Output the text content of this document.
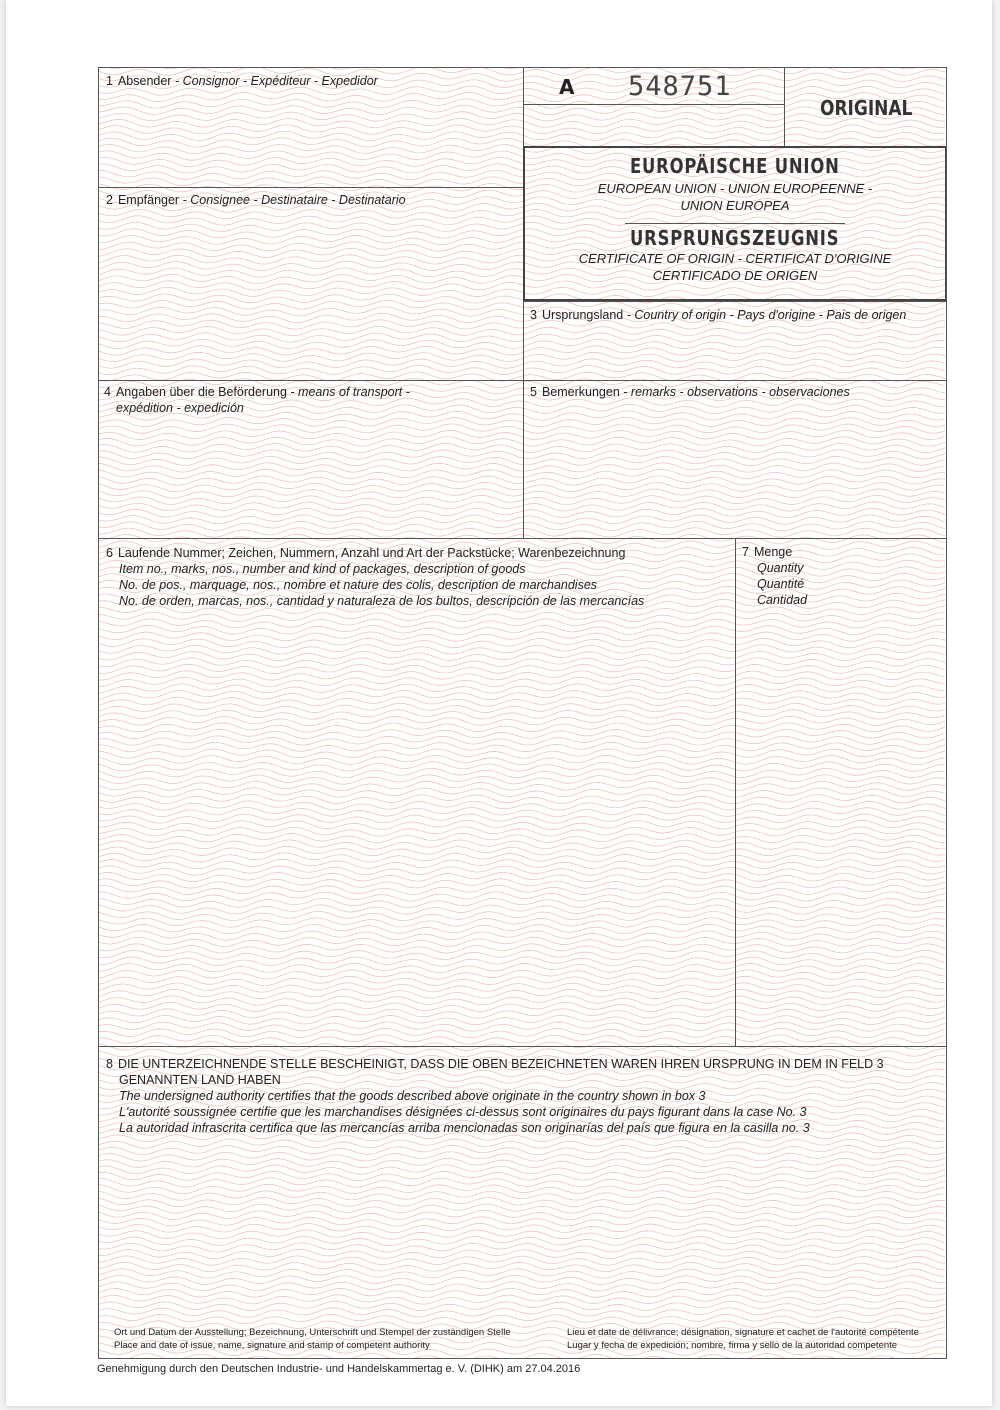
1 Absender - Consignor - Expéditeur - Expedidor	A 548751
ORIGINAL
EUROPÄISCHE UNION
EUROPEAN UNION - UNION EUROPEENNE -
UNION EUROPEA
URSPRUNGSZEUGNIS
CERTIFICATE OF ORIGIN - CERTIFICAT D'ORIGINE
CERTIFICADO DE ORIGEN
2 Empfänger - Consignee - Destinataire - Destinatario
3 Ursprungsland - Country of origin - Pays d'origine - Pais de origen
4 Angaben über die Beförderung - means of transport -
expédition - expedición
5 Bemerkungen - remarks - observations - observaciones
6 Laufende Nummer; Zeichen, Nummern, Anzahl und Art der Packstücke; Warenbezeichnung

Item no., marks, nos., number and kind of packages, description of goods
No. de pos., marquage, nos., nombre et nature des colis, description de marchandises
No. de orden, marcas, nos., cantidad y naturaleza de los bultos, descripción de las mercancías
7 Menge
Quantity
Quantité
Cantidad
8 DIE UNTERZEICHNENDE STELLE BESCHEINIGT, DASS DIE OBEN BEZEICHNETEN WAREN IHREN URSPRUNG IN DEM IN FELD 3

GENANNTEN LAND HABEN
The undersigned authority certifies that the goods described above originate in the country shown in box 3
L'autorité soussignée certifie que les marchandises désignées ci-dessus sont originaires du pays figurant dans la case No. 3
La autoridad infrascrita certifica que las mercancías arriba mencionadas son originarías del país que figura en la casilla no. 3
Ort und Datum der Ausstellung; Bezeichnung, Unterschrift und Stempel der zuständigen Stelle
Place and date of issue, name, signature and stamp of competent authority
Lieu et date de délivrance; désignation, signature et cachet de l'autorité compétente
Lugar y fecha de expedición; nombre, firma y sello de la autoridad competente
Genehmigung durch den Deutschen Industrie- und Handelskammertag e. V. (DIHK) am 27.04.2016
